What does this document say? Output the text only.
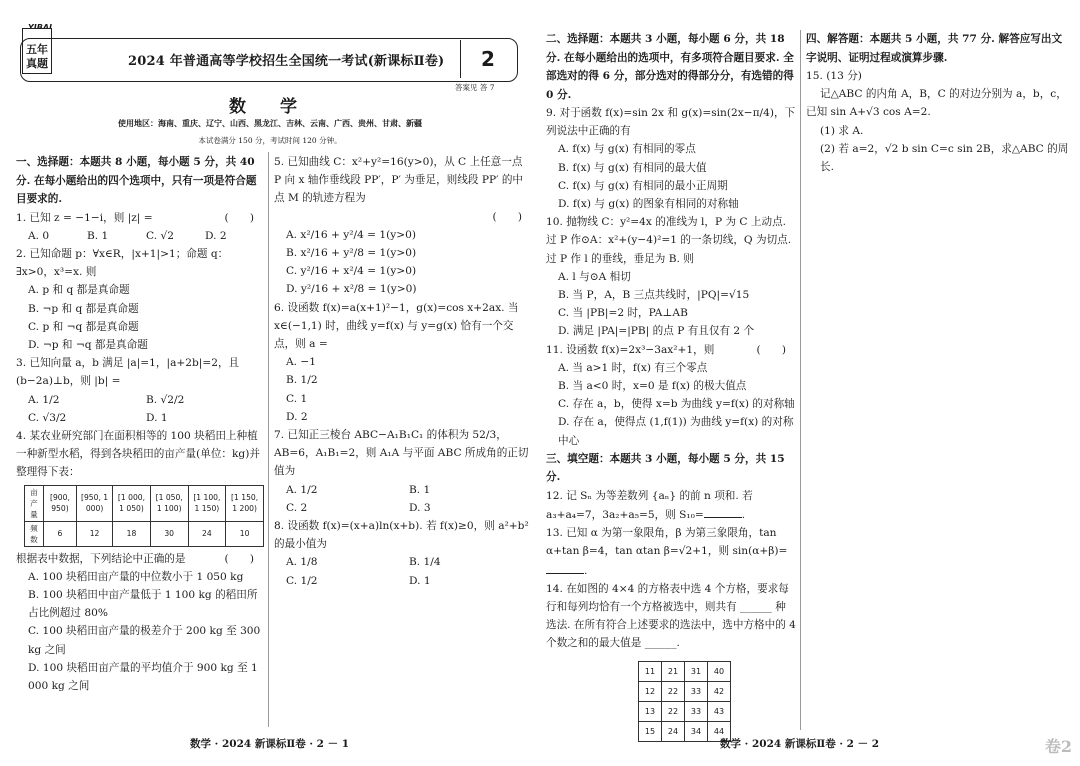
五年真题	2024 年普通高等学校招生全国统一考试(新课标Ⅱ卷)	2
答案见 答 7
数 学
使用地区：海南、重庆、辽宁、山西、黑龙江、吉林、云南、广西、贵州、甘肃、新疆
本试卷满分 150 分，考试时间 120 分钟。

一、选择题：本题共 8 小题，每小题 5 分，共 40 分. 在每小题给出的四个选项中，只有一项是符合题目要求的.

1. 已知 z = −1−i，则 |z| =	(　　)

A. 0	B. 1	C. √2	D. 2

2. 已知命题 p：∀x∈R，|x+1|>1；命题 q：∃x>0，x³=x. 则

A. p 和 q 都是真命题

B. ¬p 和 q 都是真命题

C. p 和 ¬q 都是真命题

D. ¬p 和 ¬q 都是真命题

3. 已知向量 a，b 满足 |a|=1，|a+2b|=2，且 (b−2a)⊥b，则 |b| =

A. 1/2	B. √2/2

C. √3/2	D. 1

4. 某农业研究部门在面积相等的 100 块稻田上种植一种新型水稻，得到各块稻田的亩产量(单位：kg)并整理得下表：

亩产量	[900, 950)	[950, 1 000)	[1 000, 1 050)	[1 050, 1 100)	[1 100, 1 150)	[1 150, 1 200)
频数	6	12	18	30	24	10

根据表中数据，下列结论中正确的是	(　　)

A. 100 块稻田亩产量的中位数小于 1 050 kg

B. 100 块稻田中亩产量低于 1 100 kg 的稻田所占比例超过 80%

C. 100 块稻田亩产量的极差介于 200 kg 至 300 kg 之间

D. 100 块稻田亩产量的平均值介于 900 kg 至 1 000 kg 之间

5. 已知曲线 C：x²+y²=16(y>0)，从 C 上任意一点 P 向 x 轴作垂线段 PP′，P′ 为垂足，则线段 PP′ 的中点 M 的轨迹方程为

(　　)

A. x²/16 + y²/4 = 1(y>0)

B. x²/16 + y²/8 = 1(y>0)

C. y²/16 + x²/4 = 1(y>0)

D. y²/16 + x²/8 = 1(y>0)

6. 设函数 f(x)=a(x+1)²−1，g(x)=cos x+2ax. 当 x∈(−1,1) 时，曲线 y=f(x) 与 y=g(x) 恰有一个交点，则 a =

A. −1

B. 1/2

C. 1

D. 2

7. 已知正三棱台 ABC−A₁B₁C₁ 的体积为 52/3，AB=6，A₁B₁=2，则 A₁A 与平面 ABC 所成角的正切值为

A. 1/2	B. 1

C. 2	D. 3

8. 设函数 f(x)=(x+a)ln(x+b). 若 f(x)≥0，则 a²+b² 的最小值为

A. 1/8	B. 1/4

C. 1/2	D. 1

数学 · 2024 新课标Ⅱ卷 · 2 － 1

二、选择题：本题共 3 小题，每小题 6 分，共 18 分. 在每小题给出的选项中，有多项符合题目要求. 全部选对的得 6 分，部分选对的得部分分，有选错的得 0 分.

9. 对于函数 f(x)=sin 2x 和 g(x)=sin(2x−π/4)，下列说法中正确的有

A. f(x) 与 g(x) 有相同的零点

B. f(x) 与 g(x) 有相同的最大值

C. f(x) 与 g(x) 有相同的最小正周期

D. f(x) 与 g(x) 的图象有相同的对称轴

10. 抛物线 C：y²=4x 的准线为 l，P 为 C 上动点. 过 P 作⊙A：x²+(y−4)²=1 的一条切线，Q 为切点. 过 P 作 l 的垂线，垂足为 B. 则

A. l 与⊙A 相切

B. 当 P，A，B 三点共线时，|PQ|=√15

C. 当 |PB|=2 时，PA⊥AB

D. 满足 |PA|=|PB| 的点 P 有且仅有 2 个

11. 设函数 f(x)=2x³−3ax²+1，则	(　　)

A. 当 a>1 时，f(x) 有三个零点

B. 当 a<0 时，x=0 是 f(x) 的极大值点

C. 存在 a，b，使得 x=b 为曲线 y=f(x) 的对称轴

D. 存在 a，使得点 (1,f(1)) 为曲线 y=f(x) 的对称中心

三、填空题：本题共 3 小题，每小题 5 分，共 15 分.

12. 记 Sₙ 为等差数列 {aₙ} 的前 n 项和. 若 a₃+a₄=7，3a₂+a₅=5，则 S₁₀=	.

13. 已知 α 为第一象限角，β 为第三象限角，tan α+tan β=4，tan αtan β=√2+1，则 sin(α+β)=.

14. 在如图的 4×4 的方格表中选 4 个方格，要求每行和每列均恰有一个方格被选中，则共有 ______ 种选法. 在所有符合上述要求的选法中，选中方格中的 4 个数之和的最大值是 ______.

11	21	31	40
12	22	33	42
13	22	33	43
15	24	34	44

四、解答题：本题共 5 小题，共 77 分. 解答应写出文字说明、证明过程或演算步骤.

15. (13 分)

记△ABC 的内角 A，B，C 的对边分别为 a，b，c，已知 sin A+√3 cos A=2.

(1) 求 A.

(2) 若 a=2，√2 b sin C=c sin 2B，求△ABC 的周长.

数学 · 2024 新课标Ⅱ卷 · 2 － 2	卷2
